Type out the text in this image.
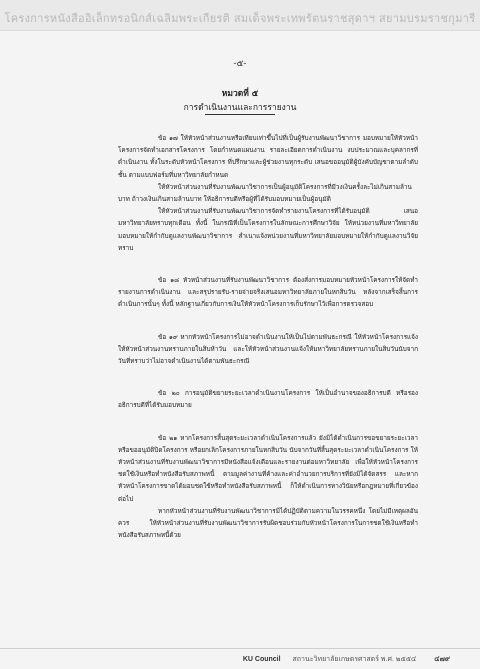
โครงการหนังสืออิเล็กทรอนิกส์เฉลิมพระเกียรติ สมเด็จพระเทพรัตนราชสุดาฯ สยามบรมราชกุมารี
-๕-
หมวดที่ ๕
การดำเนินงานและการรายงาน

ข้อ ๑๗ ให้หัวหน้าส่วนงานหรือเทียบเท่าขึ้นไปที่เป็นผู้รับงานพัฒนาวิชาการ มอบหมายให้หัวหน้าโครงการจัดทำเอกสารโครงการ โดยกำหนดแผนงาน รายละเอียดการดำเนินงาน งบประมาณและบุคลากรที่ดำเนินงาน ทั้งในระดับหัวหน้าโครงการ ที่ปรึกษาและผู้ช่วยงานทุกระดับ เสนอขออนุมัติผู้บังคับบัญชาตามลำดับชั้น ตามแบบฟอร์มที่มหาวิทยาลัยกำหนด

ให้หัวหน้าส่วนงานที่รับงานพัฒนาวิชาการเป็นผู้อนุมัติโครงการที่มีวงเงินครั้งละไม่เกินสามล้านบาท ถ้าวงเงินเกินสามล้านบาท ให้อธิการบดีหรือผู้ที่ได้รับมอบหมายเป็นผู้อนุมัติ

ให้หัวหน้าส่วนงานที่รับงานพัฒนาวิชาการจัดทำรายงานโครงการที่ได้รับอนุมัติ เสนอมหาวิทยาลัยทราบทุกเดือน ทั้งนี้ ในกรณีที่เป็นโครงการในลักษณะการศึกษาวิจัย ให้หน่วยงานที่มหาวิทยาลัยมอบหมายให้กำกับดูแลงานพัฒนาวิชาการ สำเนาแจ้งหน่วยงานที่มหาวิทยาลัยมอบหมายให้กำกับดูแลงานวิจัยทราบ

ข้อ ๑๘ หัวหน้าส่วนงานที่รับงานพัฒนาวิชาการ ต้องสั่งการมอบหมายหัวหน้าโครงการให้จัดทำรายงานการดำเนินงาน และสรุปรายรับ-รายจ่ายจริงเสนอมหาวิทยาลัยภายในหกสิบวัน หลังจากเสร็จสิ้นการดำเนินการนั้นๆ ทั้งนี้ หลักฐานเกี่ยวกับการเงินให้หัวหน้าโครงการเก็บรักษาไว้เพื่อการตรวจสอบ

ข้อ ๑๙ หากหัวหน้าโครงการไม่อาจดำเนินงานให้เป็นไปตามพันธะกรณี ให้หัวหน้าโครงการแจ้งให้หัวหน้าส่วนงานทราบภายในสิบห้าวัน และให้หัวหน้าส่วนงานแจ้งให้มหาวิทยาลัยทราบภายในสิบวันนับจากวันที่ทราบว่าไม่อาจดำเนินงานได้ตามพันธะกรณี

ข้อ ๒๐ การอนุมัติขยายระยะเวลาดำเนินงานโครงการ ให้เป็นอำนาจของอธิการบดี หรือรองอธิการบดีที่ได้รับมอบหมาย

ข้อ ๒๑ หากโครงการสิ้นสุดระยะเวลาดำเนินโครงการแล้ว ยังมิได้ดำเนินการขอขยายระยะเวลาหรือขออนุมัติปิดโครงการ หรือยกเลิกโครงการภายในหกสิบวัน นับจากวันที่สิ้นสุดระยะเวลาดำเนินโครงการ ให้หัวหน้าส่วนงานที่รับงานพัฒนาวิชาการมีหนังสือแจ้งเตือนและรายงานต่อมหาวิทยาลัย เพื่อให้หัวหน้าโครงการชดใช้เงินหรือทำหนังสือรับสภาพหนี้ ตามมูลค่างานที่ค้างและค่าอำนวยการบริการที่ยังมิได้จัดสรร และหากหัวหน้าโครงการขาดได้มอบชดใช้หรือทำหนังสือรับสภาพหนี้ ก็ให้ดำเนินการทางวินัยหรือกฎหมายที่เกี่ยวข้องต่อไป

หากหัวหน้าส่วนงานที่รับงานพัฒนาวิชาการมิได้ปฏิบัติตามความในวรรคหนึ่ง โดยไม่มีเหตุผลอันควร ให้หัวหน้าส่วนงานที่รับงานพัฒนาวิชาการรับผิดชอบร่วมกับหัวหน้าโครงการในการชดใช้เงินหรือทำหนังสือรับสภาพหนี้ด้วย

KU Council สถานะวิทยาลัยเกษตรศาสตร์ พ.ศ. ๒๕๕๔	๔๗๙
